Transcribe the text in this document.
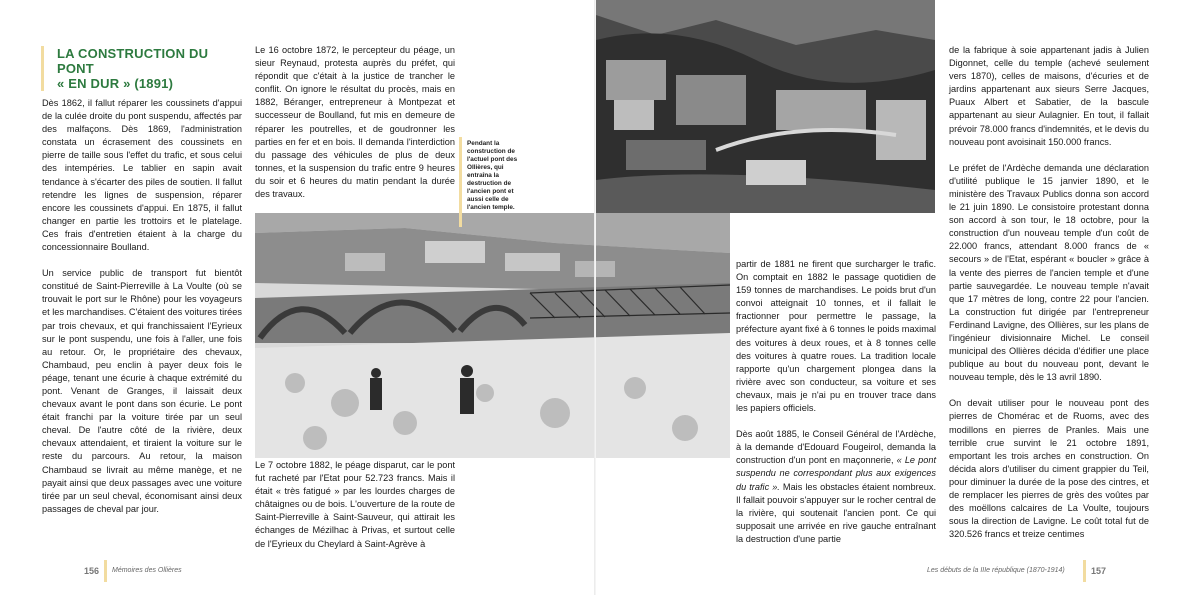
LA CONSTRUCTION DU PONT
« EN DUR » (1891)

Dès 1862, il fallut réparer les coussinets d'appui de la culée droite du pont suspendu, affectés par des malfaçons. Dès 1869, l'administration constata un écrasement des coussinets en pierre de taille sous l'effet du trafic, et sous celui des intempéries. Le tablier en sapin avait tendance à s'écarter des piles de soutien. Il fallut retendre les lignes de suspension, réparer encore les coussinets d'appui. En 1875, il fallut changer en partie les trottoirs et le platelage. Ces frais d'entretien étaient à la charge du concessionnaire Boulland.

Un service public de transport fut bientôt constitué de Saint-Pierreville à La Voulte (où se trouvait le port sur le Rhône) pour les voyageurs et les marchandises. C'étaient des voitures tirées par trois chevaux, et qui franchissaient l'Eyrieux sur le pont suspendu, une fois à l'aller, une fois au retour. Or, le propriétaire des chevaux, Chambaud, peu enclin à payer deux fois le péage, tenant une écurie à chaque extrémité du pont. Venant de Granges, il laissait deux chevaux avant le pont dans son écurie. Le pont était franchi par la voiture tirée par un seul cheval. De l'autre côté de la rivière, deux chevaux attendaient, et tiraient la voiture sur le reste du parcours. Au retour, la maison Chambaud se livrait au même manège, et ne payait ainsi que deux passages avec une voiture tirée par un seul cheval, économisant ainsi deux passages de cheval par jour.

Le 16 octobre 1872, le percepteur du péage, un sieur Reynaud, protesta auprès du préfet, qui répondit que c'était à la justice de trancher le conflit. On ignore le résultat du procès, mais en 1882, Béranger, entrepreneur à Montpezat et successeur de Boulland, fut mis en demeure de réparer les poutrelles, et de goudronner les parties en fer et en bois. Il demanda l'interdiction du passage des véhicules de plus de deux tonnes, et la suspension du trafic entre 9 heures du soir et 6 heures du matin pendant la durée des travaux.

Pendant la construction de l'actuel pont des Ollières, qui entraîna la destruction de l'ancien pont et aussi celle de l'ancien temple.

Le 7 octobre 1882, le péage disparut, car le pont fut racheté par l'Etat pour 52.723 francs. Mais il était « très fatigué » par les lourdes charges de châtaignes ou de bois. L'ouverture de la route de Saint-Pierreville à Saint-Sauveur, qui attirait les échanges de Mézilhac à Privas, et surtout celle de l'Eyrieux du Cheylard à Saint-Agrève à

partir de 1881 ne firent que surcharger le trafic. On comptait en 1882 le passage quotidien de 159 tonnes de marchandises. Le poids brut d'un convoi atteignait 10 tonnes, et il fallait le fractionner pour permettre le passage, la préfecture ayant fixé à 6 tonnes le poids maximal des voitures à deux roues, et à 8 tonnes celle des voitures à quatre roues. La tradition locale rapporte qu'un chargement plongea dans la rivière avec son conducteur, sa voiture et ses chevaux, mais je n'ai pu en trouver trace dans les papiers officiels.

Dès août 1885, le Conseil Général de l'Ardèche, à la demande d'Edouard Fougeirol, demanda la construction d'un pont en maçonnerie, « Le pont suspendu ne correspondant plus aux exigences du trafic ». Mais les obstacles étaient nombreux. Il fallait pouvoir s'appuyer sur le rocher central de la rivière, qui soutenait l'ancien pont. Ce qui supposait une arrivée en rive gauche entraînant la destruction d'une partie

de la fabrique à soie appartenant jadis à Julien Digonnet, celle du temple (achevé seulement vers 1870), celles de maisons, d'écuries et de jardins appartenant aux sieurs Serre Jacques, Puaux Albert et Sabatier, de la bascule appartenant au sieur Aulagnier. En tout, il fallait prévoir 78.000 francs d'indemnités, et le devis du nouveau pont avoisinait 150.000 francs.

Le préfet de l'Ardèche demanda une déclaration d'utilité publique le 15 janvier 1890, et le ministère des Travaux Publics donna son accord le 21 juin 1890. Le consistoire protestant donna son accord à son tour, le 18 octobre, pour la construction d'un nouveau temple d'un coût de 22.000 francs, attendant 8.000 francs de « secours » de l'Etat, espérant « boucler » grâce à la vente des pierres de l'ancien temple et d'une partie sauvegardée. Le nouveau temple n'avait que 17 mètres de long, contre 22 pour l'ancien. La construction fut dirigée par l'entrepreneur Ferdinand Lavigne, des Ollières, sur les plans de l'ingénieur divisionnaire Michel. Le conseil municipal des Ollières décida d'édifier une place publique au bout du nouveau pont, devant le nouveau temple, dès le 13 avril 1890.

On devait utiliser pour le nouveau pont des pierres de Chomérac et de Ruoms, avec des modillons en pierres de Pranles. Mais une terrible crue survint le 21 octobre 1891, emportant les trois arches en construction. On décida alors d'utiliser du ciment grappier du Teil, pour diminuer la durée de la pose des cintres, et de remplacer les pierres de grès des voûtes par des moëllons calcaires de La Voulte, toujours sous la direction de Lavigne. Le coût total fut de 320.526 francs et treize centimes

156 Mémoires des Ollières	Les débuts de la IIIe république (1870-1914)	157
